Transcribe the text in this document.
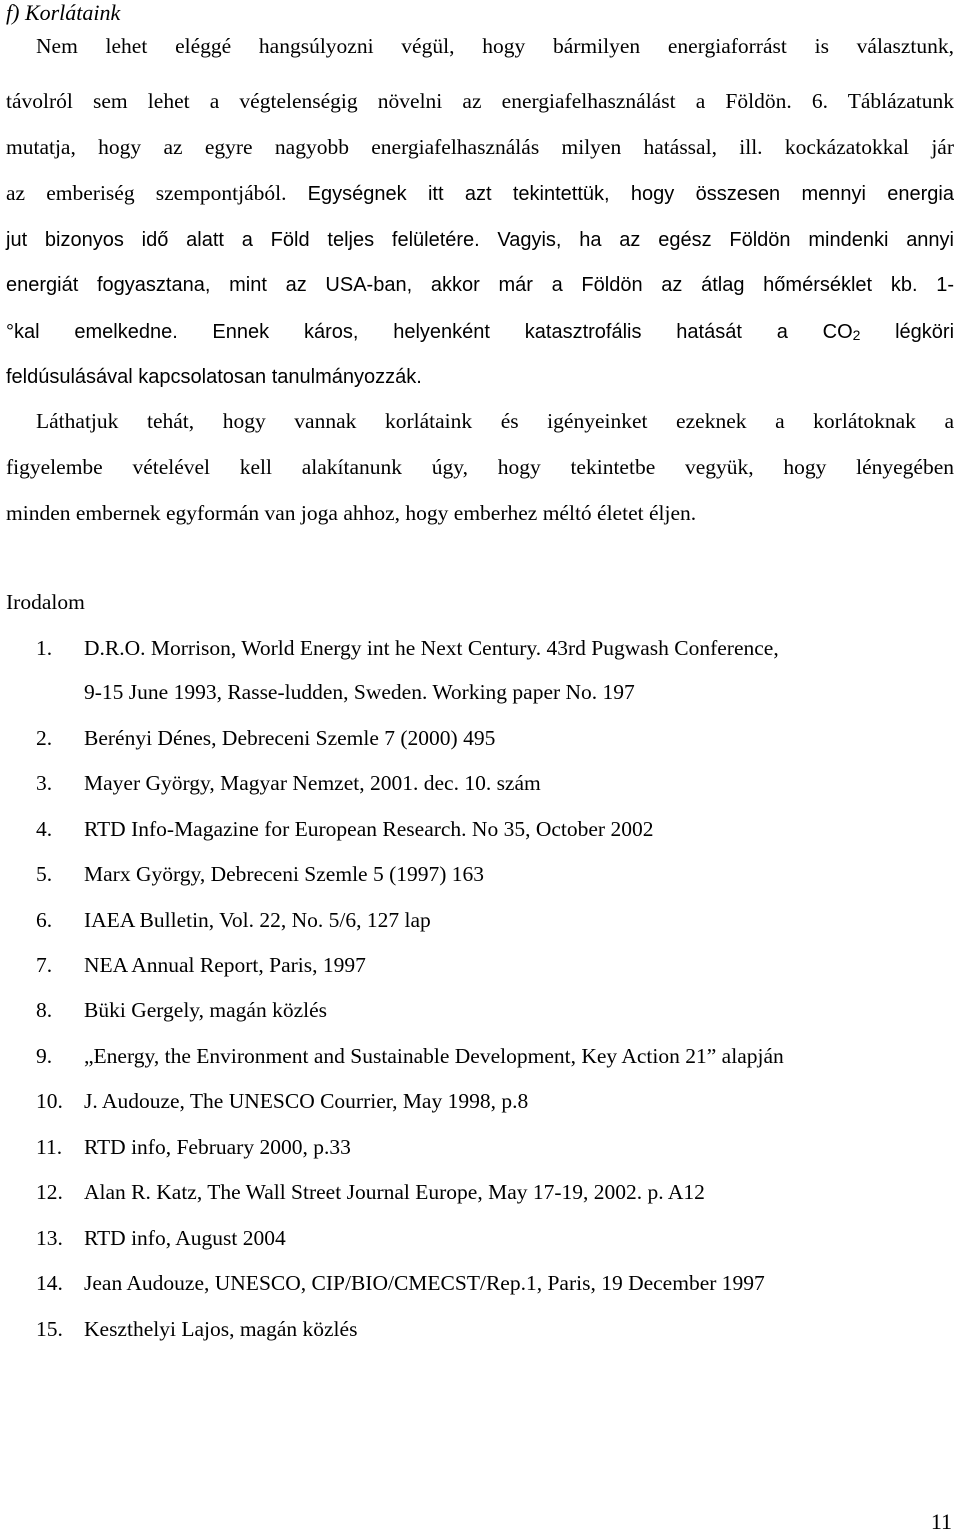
f) Korlátaink
Nem lehet eléggé hangsúlyozni végül, hogy bármilyen energiaforrást is választunk,
távolról sem lehet a végtelenségig növelni az energiafelhasználást a Földön. 6. Táblázatunk
mutatja, hogy az egyre nagyobb energiafelhasználás milyen hatással, ill. kockázatokkal jár
az emberiség szempontjából. Egységnek itt azt tekintettük, hogy összesen mennyi energia
jut bizonyos idő alatt a Föld teljes felületére. Vagyis, ha az egész Földön mindenki annyi
energiát fogyasztana, mint az USA-ban, akkor már a Földön az átlag hőmérséklet kb. 1-
°kal emelkedne. Ennek káros, helyenként katasztrofális hatását a $CO_2$ légköri
feldúsulásával kapcsolatosan tanulmányozzák.
Láthatjuk tehát, hogy vannak korlátaink és igényeinket ezeknek a korlátoknak a
figyelembe vételével kell alakítanunk úgy, hogy tekintetbe vegyük, hogy lényegében
minden embernek egyformán van joga ahhoz, hogy emberhez méltó életet éljen.
Irodalom
1. D.R.O. Morrison, World Energy int he Next Century. 43rd Pugwash Conference,
9-15 June 1993, Rasse-ludden, Sweden. Working paper No. 197
2. Berényi Dénes, Debreceni Szemle 7 (2000) 495
3. Mayer György, Magyar Nemzet, 2001. dec. 10. szám
4. RTD Info-Magazine for European Research. No 35, October 2002
5. Marx György, Debreceni Szemle 5 (1997) 163
6. IAEA Bulletin, Vol. 22, No. 5/6, 127 lap
7. NEA Annual Report, Paris, 1997
8. Büki Gergely, magán közlés
9. „Energy, the Environment and Sustainable Development, Key Action 21” alapján
10. J. Audouze, The UNESCO Courrier, May 1998, p.8
11. RTD info, February 2000, p.33
12. Alan R. Katz, The Wall Street Journal Europe, May 17-19, 2002. p. A12
13. RTD info, August 2004
14. Jean Audouze, UNESCO, CIP/BIO/CMECST/Rep.1, Paris, 19 December 1997
15. Keszthelyi Lajos, magán közlés
11
